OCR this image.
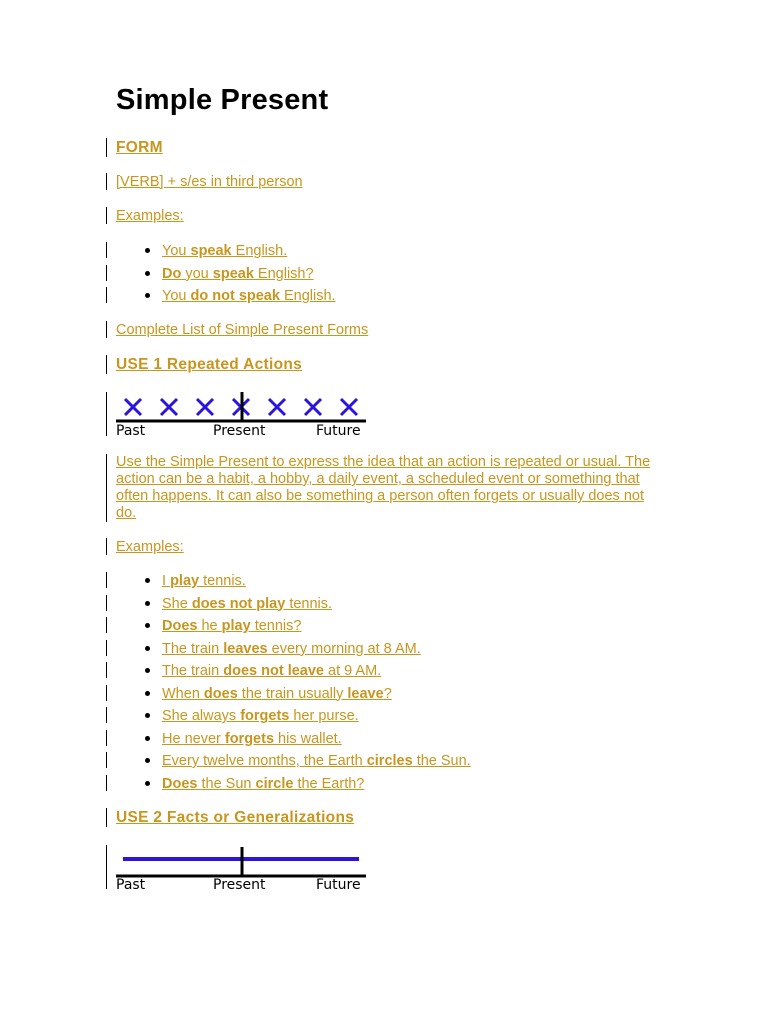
Simple Present
FORM
[VERB] + s/es in third person
Examples:
You speak English.
Do you speak English?
You do not speak English.
Complete List of Simple Present Forms
USE 1 Repeated Actions
Past	Present	Future

Use the Simple Present to express the idea that an action is repeated or usual. The action can be a habit, a hobby, a daily event, a scheduled event or something that often happens. It can also be something a person often forgets or usually does not do.

Examples:
I play tennis.
She does not play tennis.
Does he play tennis?
The train leaves every morning at 8 AM.
The train does not leave at 9 AM.
When does the train usually leave?
She always forgets her purse.
He never forgets his wallet.
Every twelve months, the Earth circles the Sun.
Does the Sun circle the Earth?
USE 2 Facts or Generalizations
Past	Present	Future
